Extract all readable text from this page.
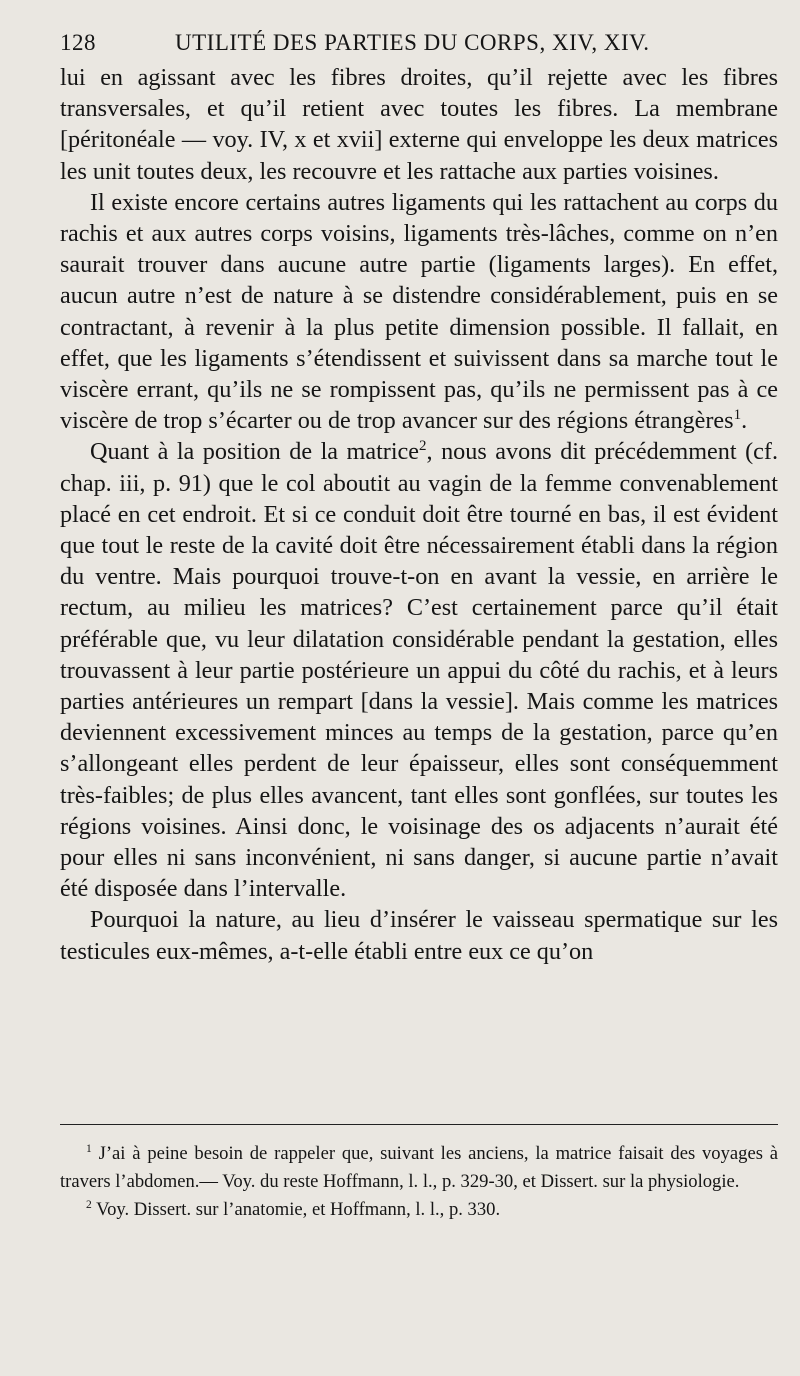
128	UTILITÉ DES PARTIES DU CORPS, XIV, XIV.

lui en agissant avec les fibres droites, qu’il rejette avec les fibres transversales, et qu’il retient avec toutes les fibres. La membrane [péritonéale — voy. IV, x et xvii] externe qui enveloppe les deux matrices les unit toutes deux, les recouvre et les rattache aux parties voisines.

Il existe encore certains autres ligaments qui les rattachent au corps du rachis et aux autres corps voisins, ligaments très-lâches, comme on n’en saurait trouver dans aucune autre partie (ligaments larges). En effet, aucun autre n’est de nature à se distendre considérablement, puis en se contractant, à revenir à la plus petite dimension possible. Il fallait, en effet, que les ligaments s’étendissent et suivissent dans sa marche tout le viscère errant, qu’ils ne se rompissent pas, qu’ils ne permissent pas à ce viscère de trop s’écarter ou de trop avancer sur des régions étrangères$^1$.

Quant à la position de la matrice$^2$, nous avons dit précédemment (cf. chap. iii, p. 91) que le col aboutit au vagin de la femme convenablement placé en cet endroit. Et si ce conduit doit être tourné en bas, il est évident que tout le reste de la cavité doit être nécessairement établi dans la région du ventre. Mais pourquoi trouve-t-on en avant la vessie, en arrière le rectum, au milieu les matrices? C’est certainement parce qu’il était préférable que, vu leur dilatation considérable pendant la gestation, elles trouvassent à leur partie postérieure un appui du côté du rachis, et à leurs parties antérieures un rempart [dans la vessie]. Mais comme les matrices deviennent excessivement minces au temps de la gestation, parce qu’en s’allongeant elles perdent de leur épaisseur, elles sont conséquemment très-faibles; de plus elles avancent, tant elles sont gonflées, sur toutes les régions voisines. Ainsi donc, le voisinage des os adjacents n’aurait été pour elles ni sans inconvénient, ni sans danger, si aucune partie n’avait été disposée dans l’intervalle.

Pourquoi la nature, au lieu d’insérer le vaisseau spermatique sur les testicules eux-mêmes, a-t-elle établi entre eux ce qu’on

$^1$ J’ai à peine besoin de rappeler que, suivant les anciens, la matrice faisait des voyages à travers l’abdomen.— Voy. du reste Hoffmann, l. l., p. 329-30, et Dissert. sur la physiologie.

$^2$ Voy. Dissert. sur l’anatomie, et Hoffmann, l. l., p. 330.
